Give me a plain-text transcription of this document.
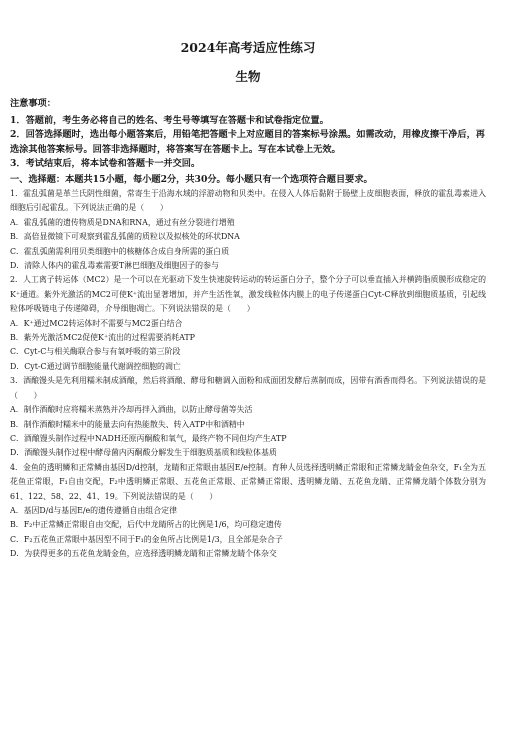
2024年高考适应性练习
生物
注意事项：
1．答题前，考生务必将自己的姓名、考生号等填写在答题卡和试卷指定位置。
2．回答选择题时，选出每小题答案后，用铅笔把答题卡上对应题目的答案标号涂黑。如需改动，用橡皮擦干净后，再选涂其他答案标号。回答非选择题时，将答案写在答题卡上。写在本试卷上无效。
3．考试结束后，将本试卷和答题卡一并交回。
一、选择题：本题共15小题，每小题2分，共30分。每小题只有一个选项符合题目要求。
1．霍乱弧菌是革兰氏阴性细菌，常寄生于沿海水域的浮游动物和贝类中。在侵入人体后黏附于肠壁上皮细胞表面，释放的霍乱毒素进入细胞后引起霍乱。下列说法正确的是（　　）
A．霍乱弧菌的遗传物质是DNA和RNA，通过有丝分裂进行增殖
B．高倍显微镜下可观察到霍乱弧菌的质粒以及拟核处的环状DNA
C．霍乱弧菌需利用贝类细胞中的核糖体合成自身所需的蛋白质
D．清除人体内的霍乱毒素需要T淋巴细胞及细胞因子的参与
2．人工离子转运体（MC2）是一个可以在光驱动下发生快速旋转运动的转运蛋白分子，整个分子可以垂直插入并横跨脂质膜形成稳定的K⁺通道。紫外光激活的MC2可使K⁺流出显著增加，并产生活性氧，激发线粒体内膜上的电子传递蛋白Cyt-C释放到细胞质基质，引起线粒体呼吸链电子传递障碍，介导细胞凋亡。下列说法错误的是（　　）
A．K⁺通过MC2转运体时不需要与MC2蛋白结合
B．紫外光激活MC2促使K⁺流出的过程需要消耗ATP
C．Cyt-C与相关酶联合参与有氧呼吸的第三阶段
D．Cyt-C通过调节细胞能量代谢调控细胞的凋亡
3．酒酿馒头是先利用糯米制成酒酿，然后将酒酿、酵母和糖调入面粉和成面团发酵后蒸制而成，因带有酒香而得名。下列说法错误的是（　　）
A．制作酒酿时应将糯米蒸熟并冷却再拌入酒曲，以防止酵母菌等失活
B．制作酒酿时糯米中的能量去向有热能散失、转入ATP中和酒精中
C．酒酿馒头制作过程中NADH还原丙酮酸和氧气，最终产物不同但均产生ATP
D．酒酿馒头制作过程中酵母菌内丙酮酸分解发生于细胞质基质和线粒体基质
4．金鱼的透明鳞和正常鳞由基因D/d控制，龙睛和正常眼由基因E/e控制。育种人员选择透明鳞正常眼和正常鳞龙睛金鱼杂交，F₁全为五花鱼正常眼，F₁自由交配，F₂中透明鳞正常眼、五花鱼正常眼、正常鳞正常眼、透明鳞龙睛、五花鱼龙睛、正常鳞龙睛个体数分别为61、122、58、22、41、19。下列说法错误的是（　　）
A．基因D/d与基因E/e的遗传遵循自由组合定律
B．F₂中正常鳞正常眼自由交配，后代中龙睛所占的比例是1/6，均可稳定遗传
C．F₂五花鱼正常眼中基因型不同于F₁的金鱼所占比例是1/3，且全部是杂合子
D．为获得更多的五花鱼龙睛金鱼，应选择透明鳞龙睛和正常鳞龙睛个体杂交
